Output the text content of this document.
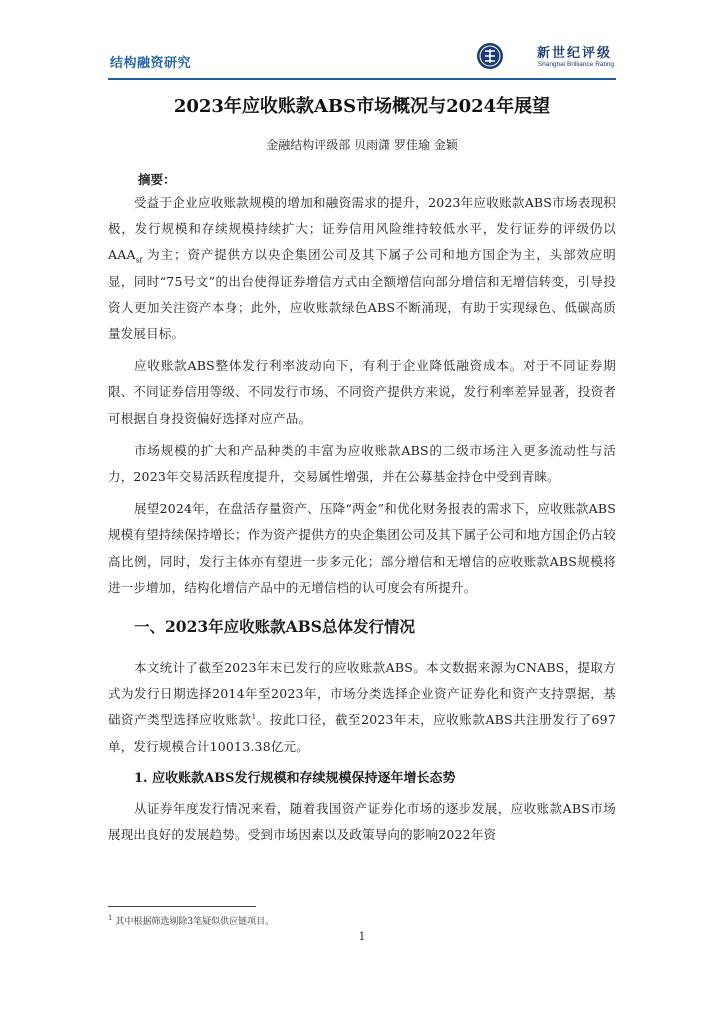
结构融资研究
新世纪评级
Shanghai Brilliance Rating
2023年应收账款ABS市场概况与2024年展望
金融结构评级部 贝雨潇 罗佳瑜 金颖
摘要：

受益于企业应收账款规模的增加和融资需求的提升，2023年应收账款ABS市场表现积极，发行规模和存续规模持续扩大；证券信用风险维持较低水平，发行证券的评级仍以 $AAA_{sf}$ 为主；资产提供方以央企集团公司及其下属子公司和地方国企为主，头部效应明显，同时“75号文”的出台使得证券增信方式由全额增信向部分增信和无增信转变，引导投资人更加关注资产本身；此外，应收账款绿色ABS不断涌现，有助于实现绿色、低碳高质量发展目标。

应收账款ABS整体发行利率波动向下，有利于企业降低融资成本。对于不同证券期限、不同证券信用等级、不同发行市场、不同资产提供方来说，发行利率差异显著，投资者可根据自身投资偏好选择对应产品。

市场规模的扩大和产品种类的丰富为应收账款ABS的二级市场注入更多流动性与活力，2023年交易活跃程度提升，交易属性增强，并在公募基金持仓中受到青睐。

展望2024年，在盘活存量资产、压降“两金”和优化财务报表的需求下，应收账款ABS规模有望持续保持增长；作为资产提供方的央企集团公司及其下属子公司和地方国企仍占较高比例，同时，发行主体亦有望进一步多元化；部分增信和无增信的应收账款ABS规模将进一步增加，结构化增信产品中的无增信档的认可度会有所提升。

一、2023年应收账款ABS总体发行情况

本文统计了截至2023年末已发行的应收账款ABS。本文数据来源为CNABS，提取方式为发行日期选择2014年至2023年，市场分类选择企业资产证券化和资产支持票据，基础资产类型选择应收账款$^1$。按此口径，截至2023年末，应收账款ABS共注册发行了697单，发行规模合计10013.38亿元。

1. 应收账款ABS发行规模和存续规模保持逐年增长态势

从证券年度发行情况来看，随着我国资产证券化市场的逐步发展，应收账款ABS市场展现出良好的发展趋势。受到市场因素以及政策导向的影响2022年资

$^1$ 其中根据筛选剔除3笔疑似供应链项目。
1
